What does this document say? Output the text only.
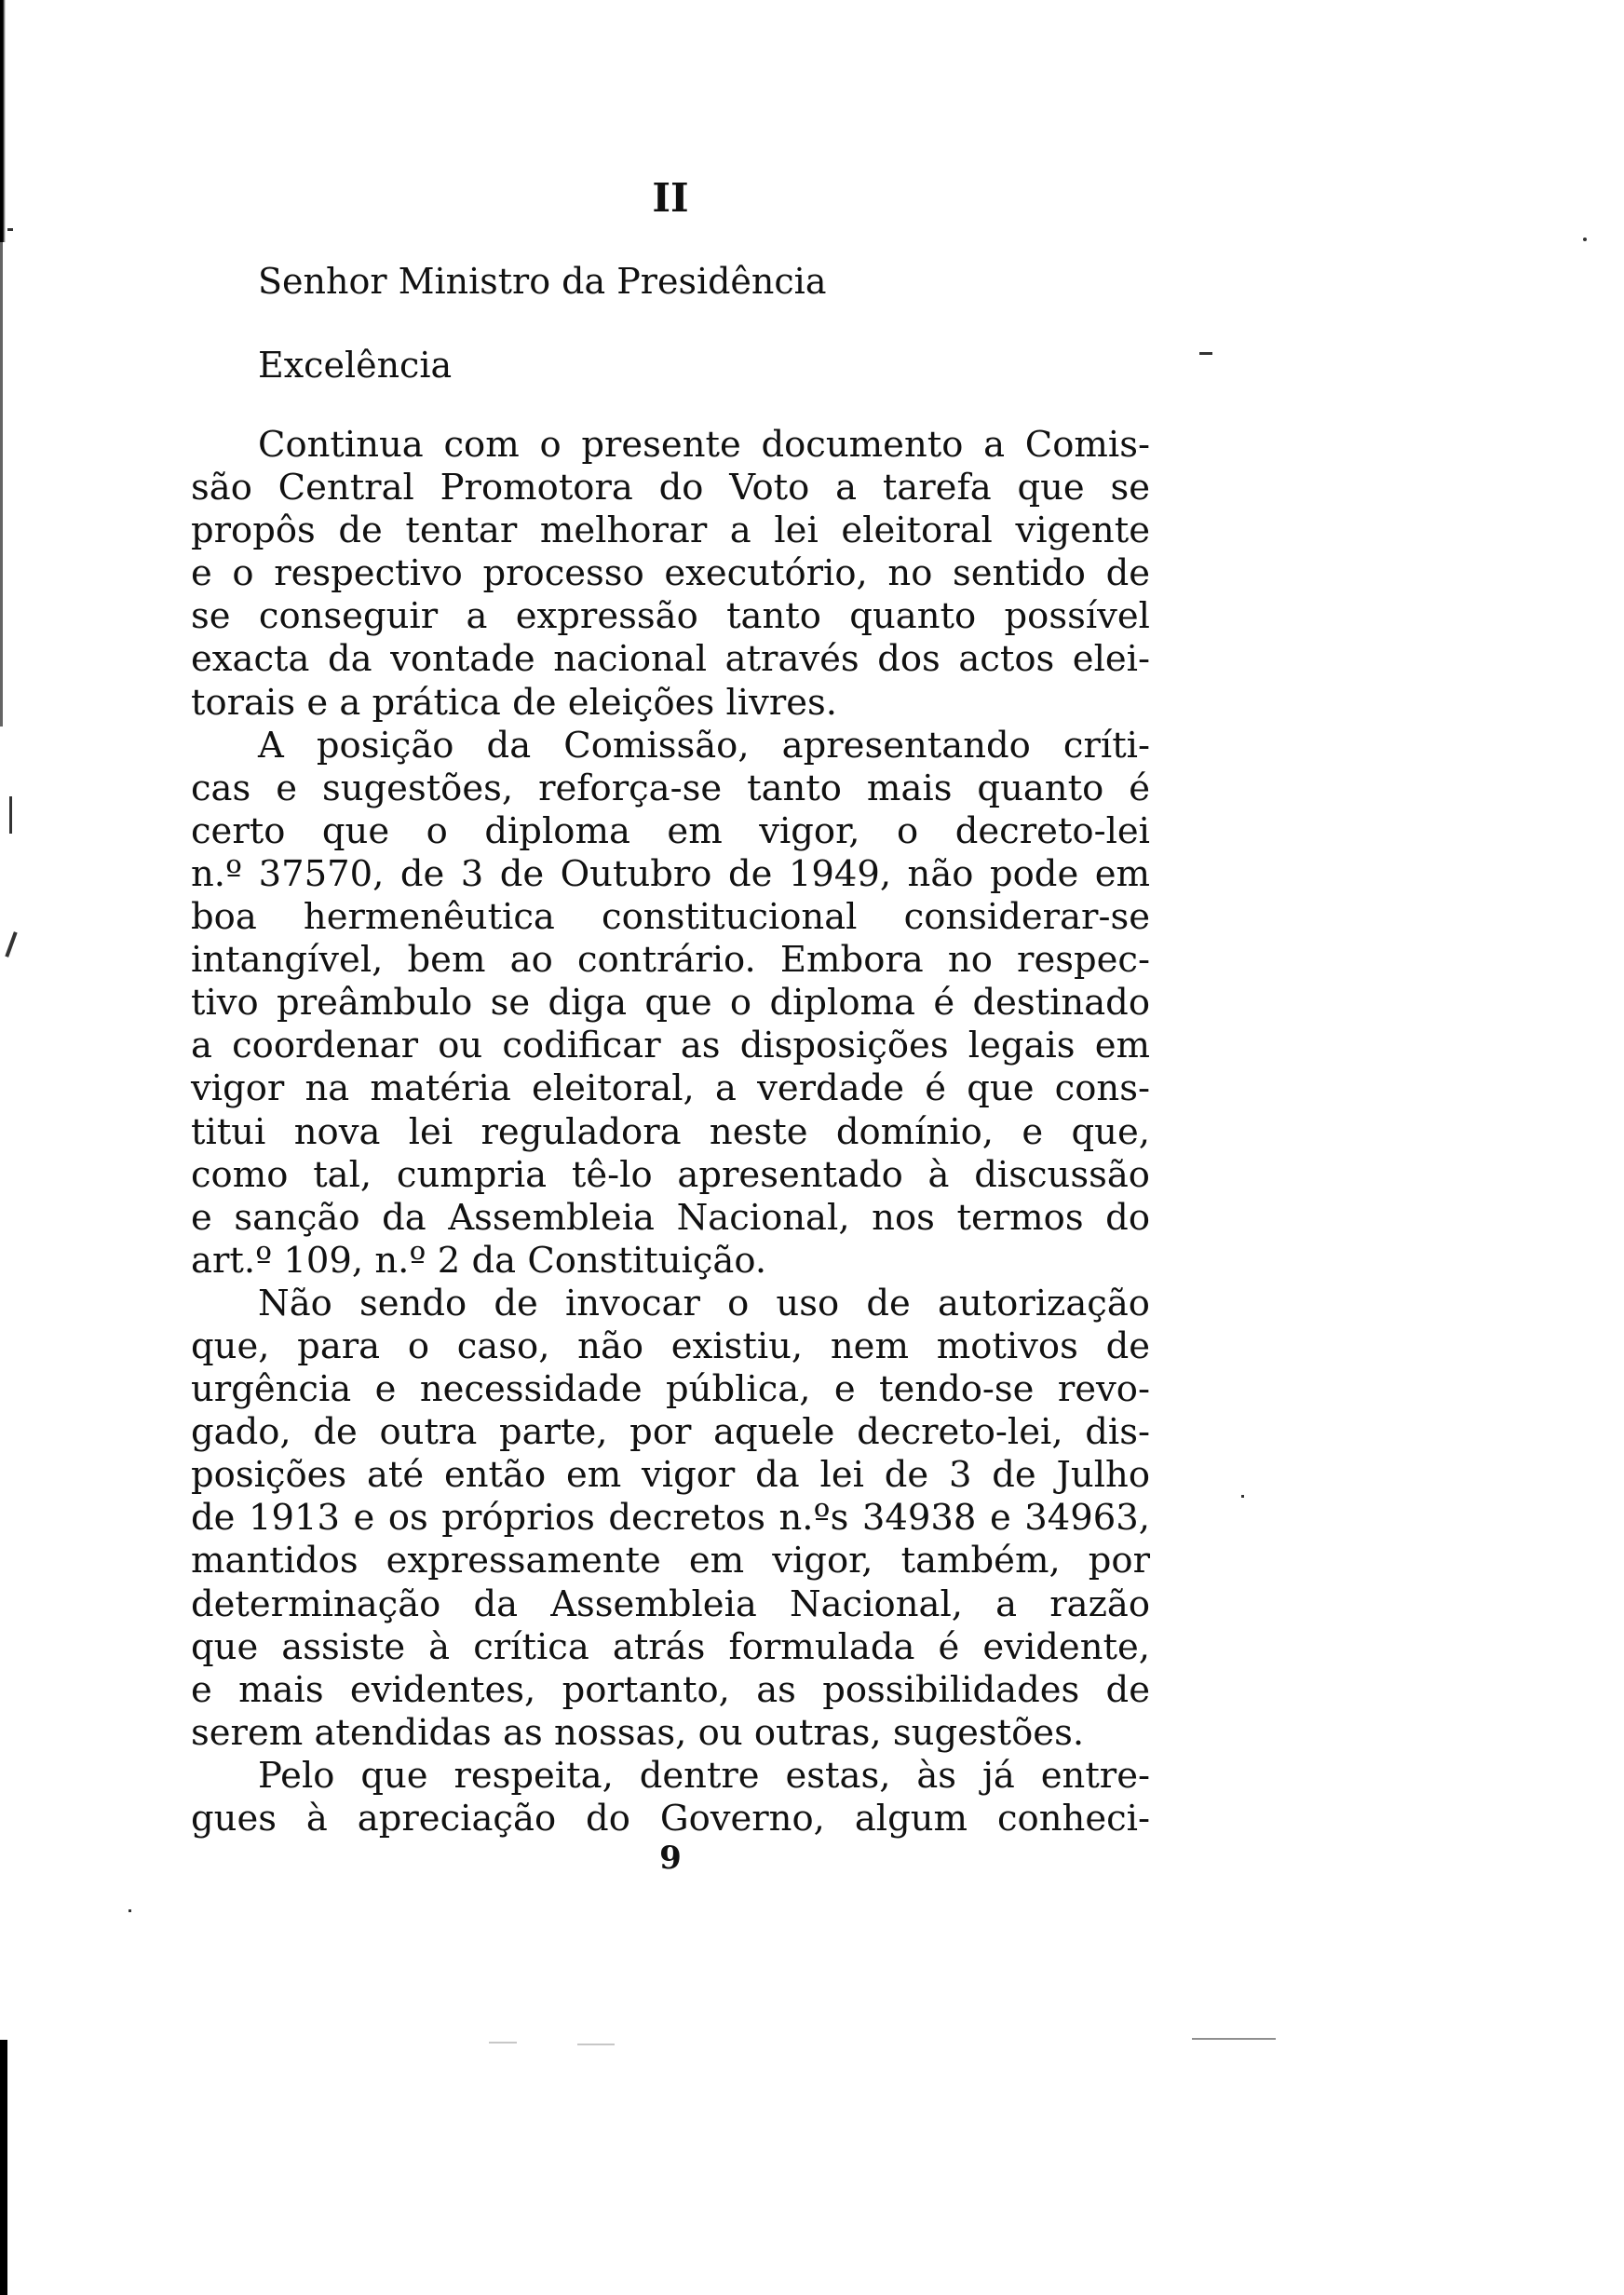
II
Senhor Ministro da Presidência
Excelência
Continua com o presente documento a Comis-
são Central Promotora do Voto a tarefa que se
propôs de tentar melhorar a lei eleitoral vigente
e o respectivo processo executório, no sentido de
se conseguir a expressão tanto quanto possível
exacta da vontade nacional através dos actos elei-
torais e a prática de eleições livres.
A posição da Comissão, apresentando críti-
cas e sugestões, reforça-se tanto mais quanto é
certo que o diploma em vigor, o decreto-lei
n.º 37570, de 3 de Outubro de 1949, não pode em
boa hermenêutica constitucional considerar-se
intangível, bem ao contrário. Embora no respec-
tivo preâmbulo se diga que o diploma é destinado
a coordenar ou codificar as disposições legais em
vigor na matéria eleitoral, a verdade é que cons-
titui nova lei reguladora neste domínio, e que,
como tal, cumpria tê-lo apresentado à discussão
e sanção da Assembleia Nacional, nos termos do
art.º 109, n.º 2 da Constituição.
Não sendo de invocar o uso de autorização
que, para o caso, não existiu, nem motivos de
urgência e necessidade pública, e tendo-se revo-
gado, de outra parte, por aquele decreto-lei, dis-
posições até então em vigor da lei de 3 de Julho
de 1913 e os próprios decretos n.ºs 34938 e 34963,
mantidos expressamente em vigor, também, por
determinação da Assembleia Nacional, a razão
que assiste à crítica atrás formulada é evidente,
e mais evidentes, portanto, as possibilidades de
serem atendidas as nossas, ou outras, sugestões.
Pelo que respeita, dentre estas, às já entre-
gues à apreciação do Governo, algum conheci-
9
